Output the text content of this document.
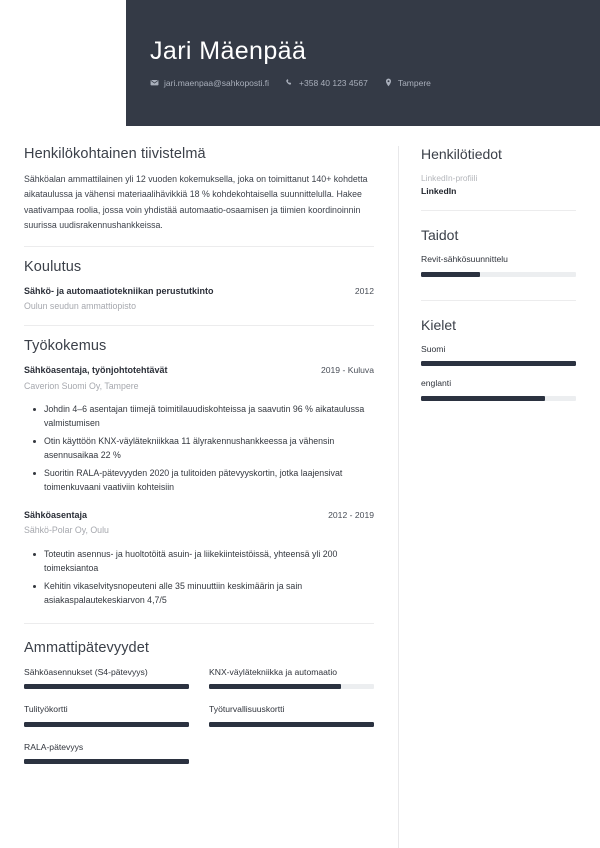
Jari Mäenpää
jari.maenpaa@sahkoposti.fi	+358 40 123 4567	Tampere
Henkilökohtainen tiivistelmä

Sähköalan ammattilainen yli 12 vuoden kokemuksella, joka on toimittanut 140+ kohdetta aikataulussa ja vähensi materiaalihävikkiä 18 % kohdekohtaisella suunnittelulla. Hakee vaativampaa roolia, jossa voin yhdistää automaatio-osaamisen ja tiimien koordinoinnin suurissa uudisrakennushankkeissa.

Koulutus
Sähkö- ja automaatiotekniikan perustutkinto	2012
Oulun seudun ammattiopisto
Työkokemus
Sähköasentaja, työnjohtotehtävät	2019 - Kuluva
Caverion Suomi Oy, Tampere
Johdin 4–6 asentajan tiimejä toimitilauudiskohteissa ja saavutin 96 % aikataulussa valmistumisen
Otin käyttöön KNX-väylätekniikkaa 11 älyrakennushankkeessa ja vähensin asennusaikaa 22 %
Suoritin RALA-pätevyyden 2020 ja tulitoiden pätevyyskortin, jotka laajensivat toimenkuvaani vaativiin kohteisiin
Sähköasentaja	2012 - 2019
Sähkö-Polar Oy, Oulu
Toteutin asennus- ja huoltotöitä asuin- ja liikekiinteistöissä, yhteensä yli 200 toimeksiantoa
Kehitin vikaselvitysnopeuteni alle 35 minuuttiin keskimäärin ja sain asiakaspalautekeskiarvon 4,7/5
Ammattipätevyydet
Sähköasennukset (S4-pätevyys)	KNX-väylätekniikka ja automaatio
Tulityökortti	Työturvallisuuskortti
RALA-pätevyys
Henkilötiedot
LinkedIn-profiili
LinkedIn
Taidot
Revit-sähkösuunnittelu
Kielet
Suomi
englanti
